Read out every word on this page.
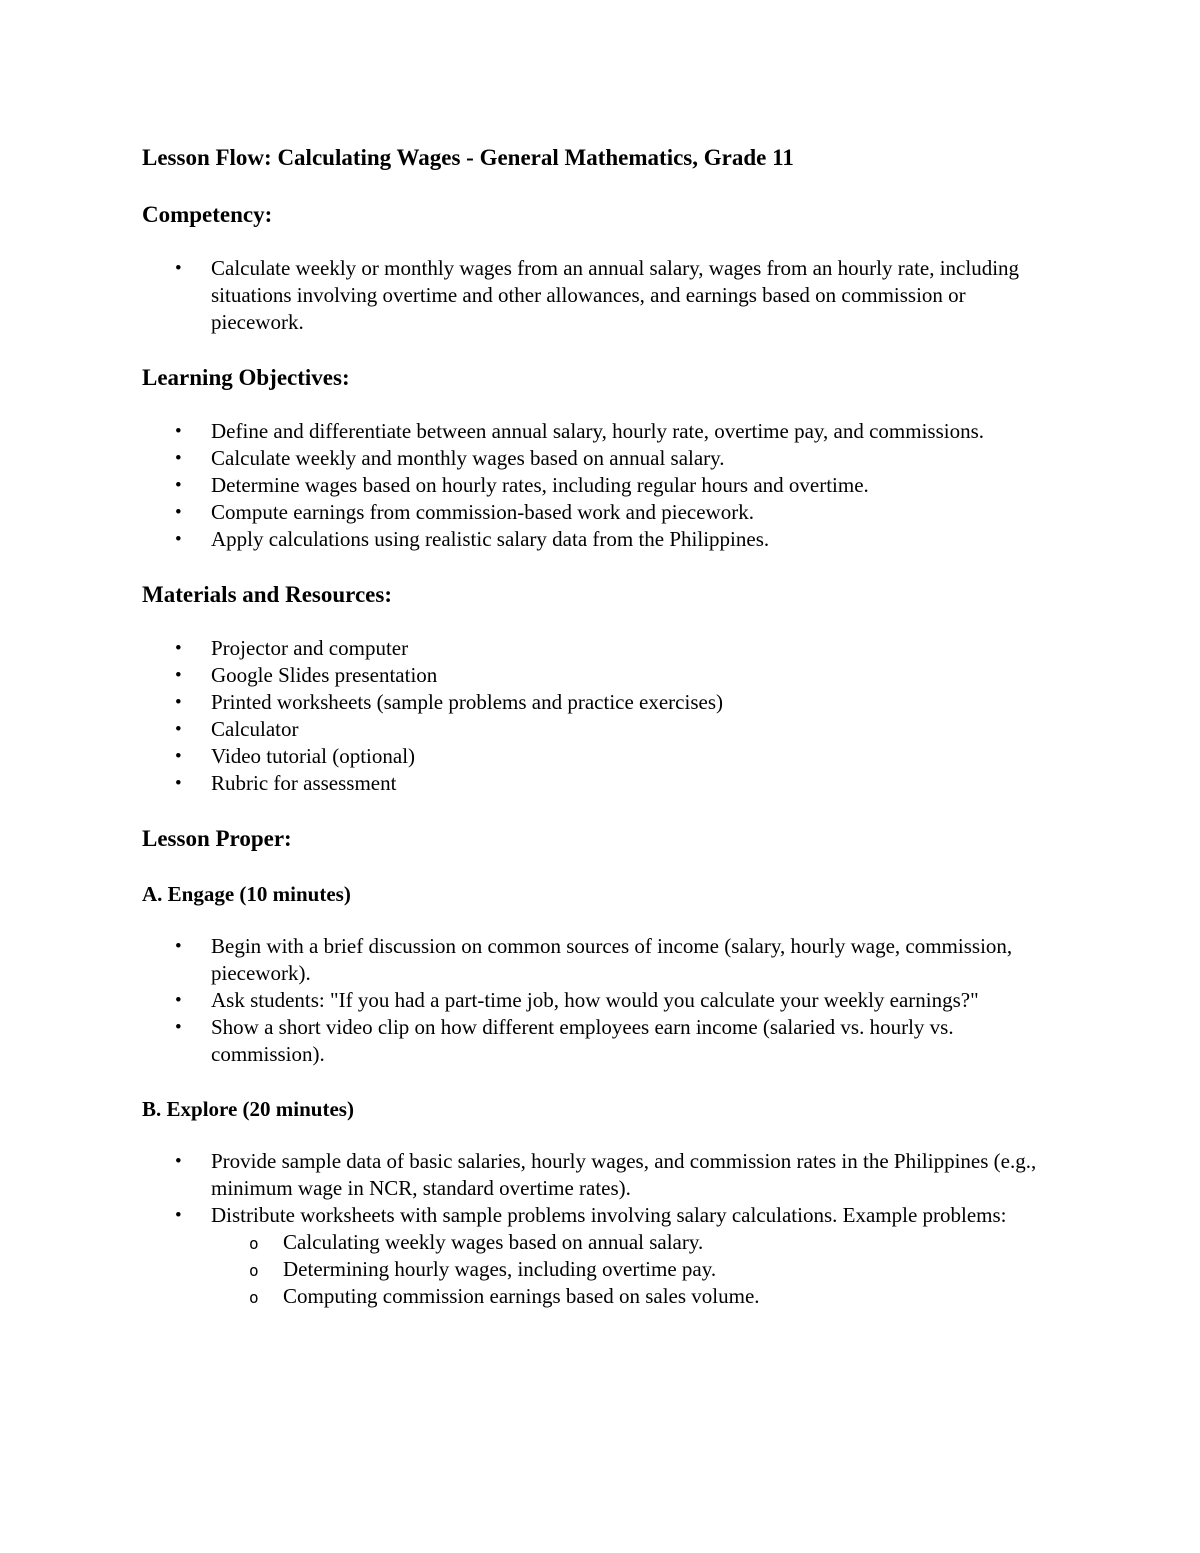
Lesson Flow: Calculating Wages - General Mathematics, Grade 11
Competency:
• Calculate weekly or monthly wages from an annual salary, wages from an hourly rate, including situations involving overtime and other allowances, and earnings based on commission or piecework.
Learning Objectives:
• Define and differentiate between annual salary, hourly rate, overtime pay, and commissions.
• Calculate weekly and monthly wages based on annual salary.
• Determine wages based on hourly rates, including regular hours and overtime.
• Compute earnings from commission-based work and piecework.
• Apply calculations using realistic salary data from the Philippines.
Materials and Resources:
• Projector and computer
• Google Slides presentation
• Printed worksheets (sample problems and practice exercises)
• Calculator
• Video tutorial (optional)
• Rubric for assessment
Lesson Proper:
A. Engage (10 minutes)
• Begin with a brief discussion on common sources of income (salary, hourly wage, commission, piecework).
• Ask students: "If you had a part-time job, how would you calculate your weekly earnings?"
• Show a short video clip on how different employees earn income (salaried vs. hourly vs. commission).
B. Explore (20 minutes)
• Provide sample data of basic salaries, hourly wages, and commission rates in the Philippines (e.g., minimum wage in NCR, standard overtime rates).
• Distribute worksheets with sample problems involving salary calculations. Example problems:
o Calculating weekly wages based on annual salary.
o Determining hourly wages, including overtime pay.
o Computing commission earnings based on sales volume.
